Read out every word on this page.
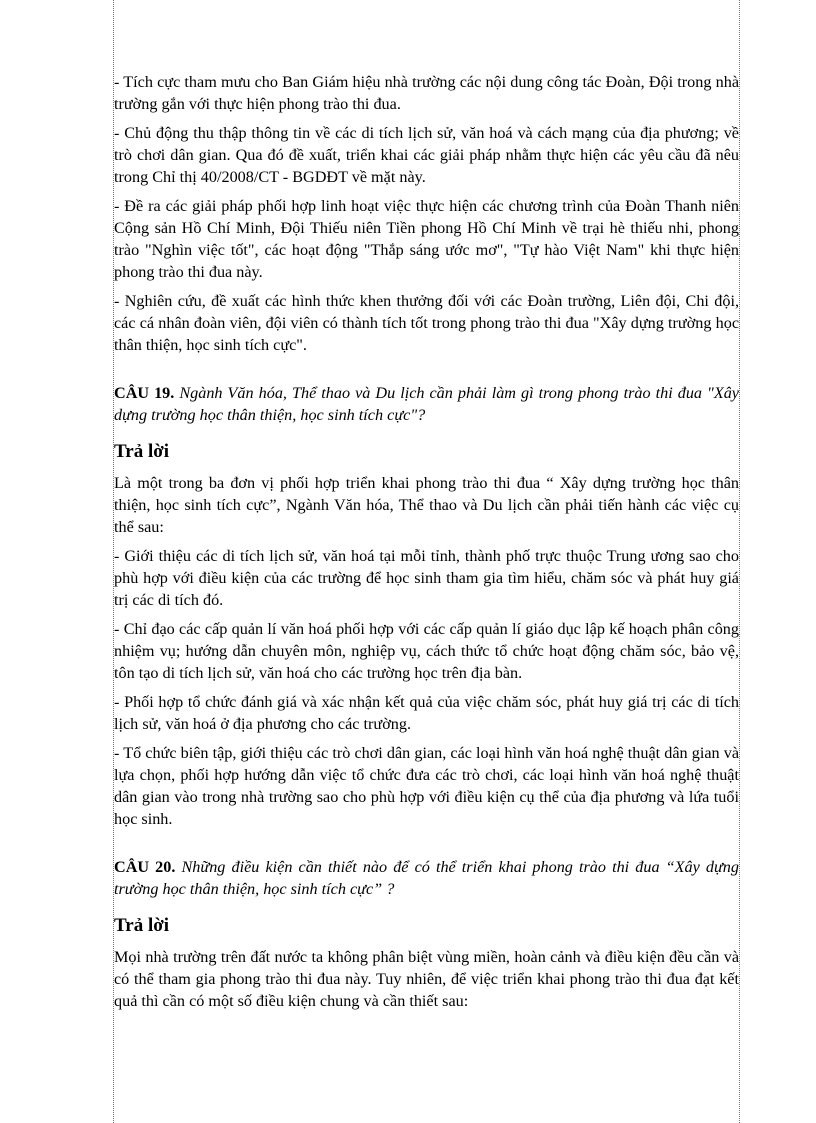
- Tích cực tham mưu cho Ban Giám hiệu nhà trường các nội dung công tác Đoàn, Đội trong nhà trường gắn với thực hiện phong trào thi đua.

- Chủ động thu thập thông tin về các di tích lịch sử, văn hoá và cách mạng của địa phương; về trò chơi dân gian. Qua đó đề xuất, triển khai các giải pháp nhằm thực hiện các yêu cầu đã nêu trong Chỉ thị 40/2008/CT - BGDĐT về mặt này.

- Đề ra các giải pháp phối hợp linh hoạt việc thực hiện các chương trình của Đoàn Thanh niên Cộng sản Hồ Chí Minh, Đội Thiếu niên Tiền phong Hồ Chí Minh về trại hè thiếu nhi, phong trào "Nghìn việc tốt", các hoạt động "Thắp sáng ước mơ", "Tự hào Việt Nam" khi thực hiện phong trào thi đua này.

- Nghiên cứu, đề xuất các hình thức khen thưởng đối với các Đoàn trường, Liên đội, Chi đội, các cá nhân đoàn viên, đội viên có thành tích tốt trong phong trào thi đua "Xây dựng trường học thân thiện, học sinh tích cực".

CÂU 19. Ngành Văn hóa, Thể thao và Du lịch cần phải làm gì trong phong trào thi đua "Xây dựng trường học thân thiện, học sinh tích cực"?
Trả lời

Là một trong ba đơn vị phối hợp triển khai phong trào thi đua “ Xây dựng trường học thân thiện, học sinh tích cực”, Ngành Văn hóa, Thể thao và Du lịch cần phải tiến hành các việc cụ thể sau:

- Giới thiệu các di tích lịch sử, văn hoá tại mỗi tỉnh, thành phố trực thuộc Trung ương sao cho phù hợp với điều kiện của các trường để học sinh tham gia tìm hiểu, chăm sóc và phát huy giá trị các di tích đó.

- Chỉ đạo các cấp quản lí văn hoá phối hợp với các cấp quản lí giáo dục lập kế hoạch phân công nhiệm vụ; hướng dẫn chuyên môn, nghiệp vụ, cách thức tổ chức hoạt động chăm sóc, bảo vệ, tôn tạo di tích lịch sử, văn hoá cho các trường học trên địa bàn.

- Phối hợp tổ chức đánh giá và xác nhận kết quả của việc chăm sóc, phát huy giá trị các di tích lịch sử, văn hoá ở địa phương cho các trường.

- Tổ chức biên tập, giới thiệu các trò chơi dân gian, các loại hình văn hoá nghệ thuật dân gian và lựa chọn, phối hợp hướng dẫn việc tổ chức đưa các trò chơi, các loại hình văn hoá nghệ thuật dân gian vào trong nhà trường sao cho phù hợp với điều kiện cụ thể của địa phương và lứa tuổi học sinh.

CÂU 20. Những điều kiện cần thiết nào để có thể triển khai phong trào thi đua “Xây dựng trường học thân thiện, học sinh tích cực” ?
Trả lời

Mọi nhà trường trên đất nước ta không phân biệt vùng miền, hoàn cảnh và điều kiện đều cần và có thể tham gia phong trào thi đua này. Tuy nhiên, để việc triển khai phong trào thi đua đạt kết quả thì cần có một số điều kiện chung và cần thiết sau:
